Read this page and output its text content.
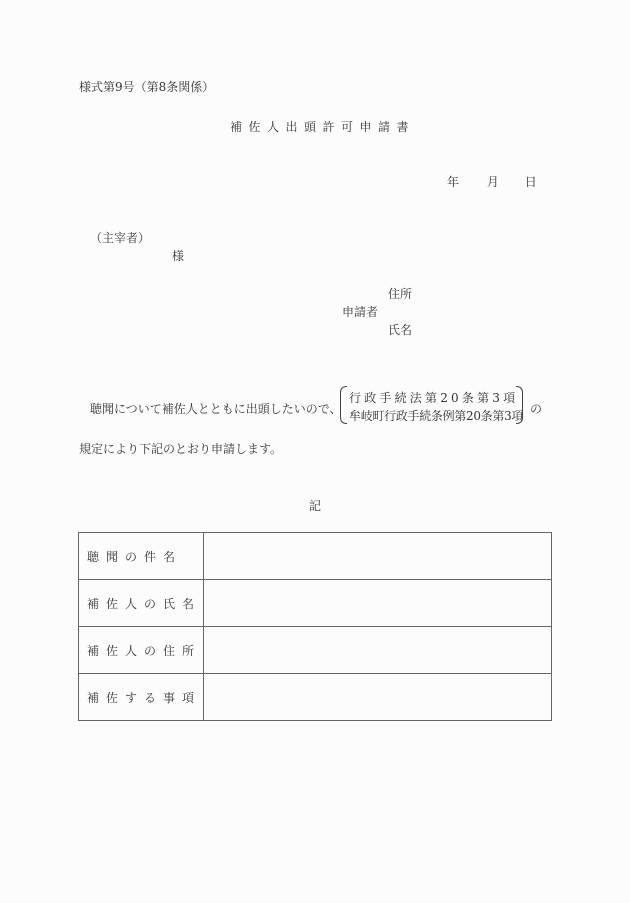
様式第9号（第8条関係）
補佐人出頭許可申請書
年 月 日
（主宰者）
様
住所
申請者
氏名
聴聞について補佐人とともに出頭したいので、
行政手続法第20条第3項
牟岐町行政手続条例第20条第3項 の
規定により下記のとおり申請します。
記
聴聞の件名	
補佐人の氏名	
補佐人の住所	
補佐する事項	
